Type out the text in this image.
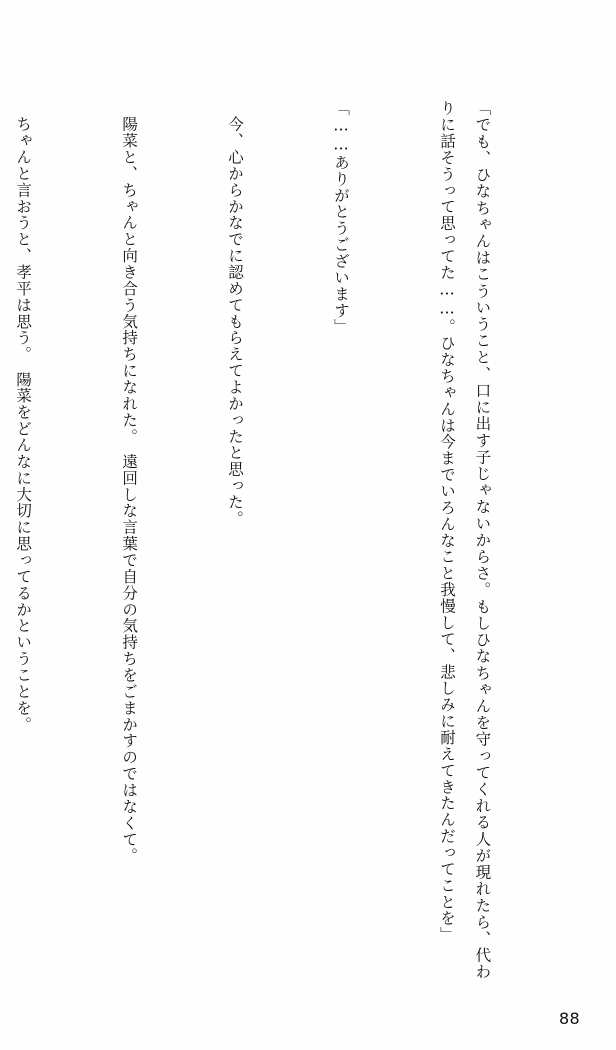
「でも、ひなちゃんはこういうこと、口に出す子じゃないからさ。もしひなちゃんを守ってくれる人が現れたら、代わりに話そうって思ってた……。ひなちゃんは今までいろんなこと我慢して、悲しみに耐えてきたんだってことを」

「……ありがとうございます」

今、心からかなでに認めてもらえてよかったと思った。

陽菜と、ちゃんと向き合う気持ちになれた。　遠回しな言葉で自分の気持ちをごまかすのではなくて。

ちゃんと言おうと、孝平は思う。　陽菜をどんなに大切に思ってるかということを。

88
